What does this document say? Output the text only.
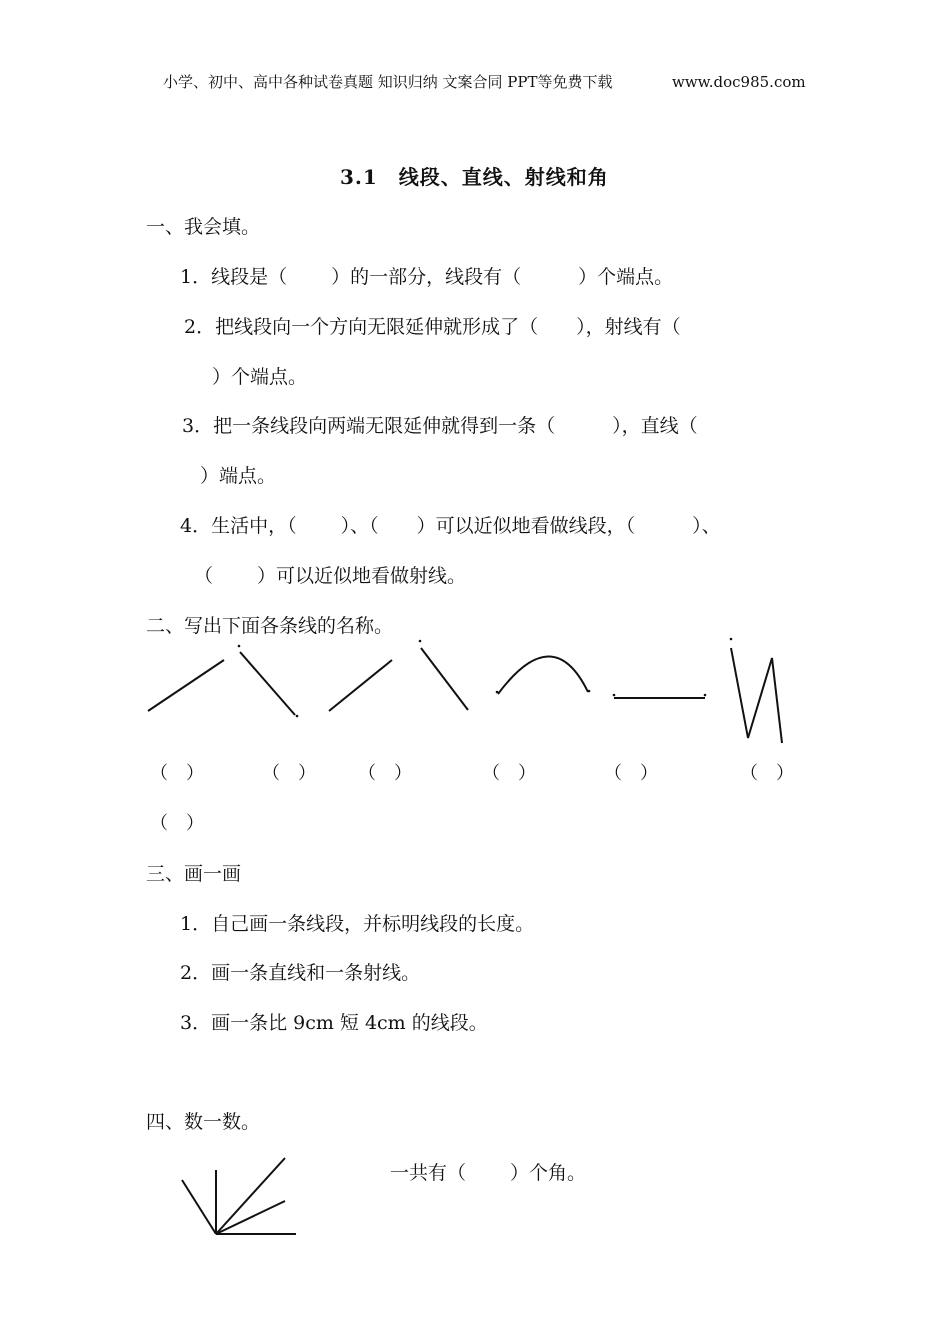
小学、初中、高中各种试卷真题 知识归纳 文案合同 PPT等免费下载	www.doc985.com
3.1　线段、直线、射线和角
一、我会填。
1．线段是（　　 ）的一部分，线段有（　　　）个端点。
2．把线段向一个方向无限延伸就形成了（　　），射线有（
）个端点。
3．把一条线段向两端无限延伸就得到一条（　　　），直线（
）端点。
4．生活中，（　　 ）、（　　）可以近似地看做线段，（　　　）、
（　　 ）可以近似地看做射线。
二、写出下面各条线的名称。
（　）	（　） （　）	（　）	（　）	（　）
（　）
三、画一画
1．自己画一条线段，并标明线段的长度。
2．画一条直线和一条射线。
3．画一条比 9cm 短 4cm 的线段。
四、数一数。
一共有（　　 ）个角。
